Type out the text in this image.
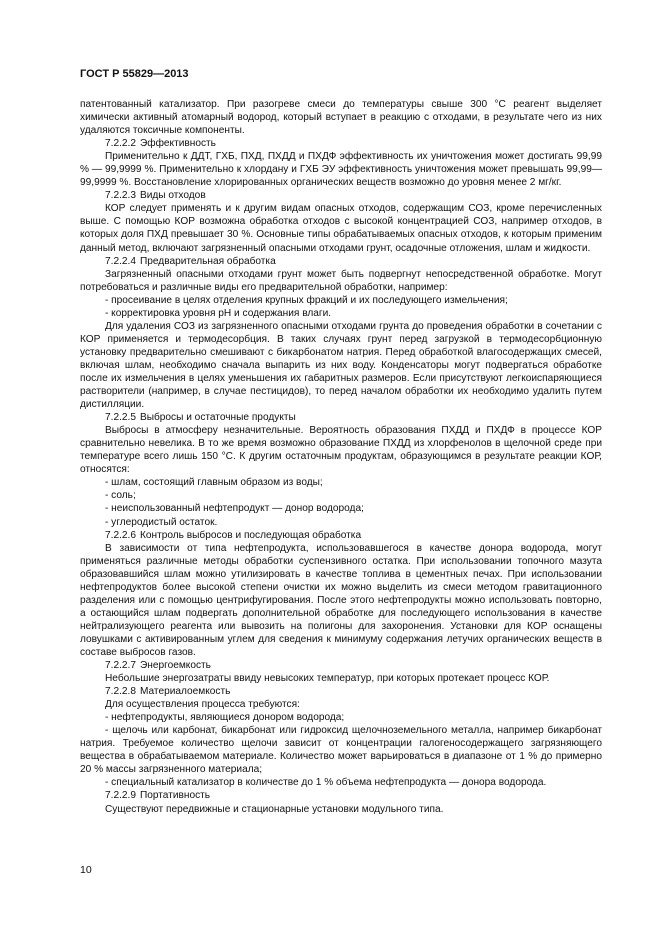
ГОСТ Р 55829—2013

патентованный катализатор. При разогреве смеси до температуры свыше 300 °С реагент выделяет химически активный атомарный водород, который вступает в реакцию с отходами, в результате чего из них удаляются токсичные компоненты.

7.2.2.2 Эффективность

Применительно к ДДТ, ГХБ, ПХД, ПХДД и ПХДФ эффективность их уничтожения может достигать 99,99 % — 99,9999 %. Применительно к хлордану и ГХБ ЭУ эффективность уничтожения может превышать 99,99—99,9999 %. Восстановление хлорированных органических веществ возможно до уровня менее 2 мг/кг.

7.2.2.3 Виды отходов

КОР следует применять и к другим видам опасных отходов, содержащим СОЗ, кроме перечисленных выше. С помощью КОР возможна обработка отходов с высокой концентрацией СОЗ, например отходов, в которых доля ПХД превышает 30 %. Основные типы обрабатываемых опасных отходов, к которым применим данный метод, включают загрязненный опасными отходами грунт, осадочные отложения, шлам и жидкости.

7.2.2.4 Предварительная обработка

Загрязненный опасными отходами грунт может быть подвергнут непосредственной обработке. Могут потребоваться и различные виды его предварительной обработки, например:

- просеивание в целях отделения крупных фракций и их последующего измельчения;

- корректировка уровня рН и содержания влаги.

Для удаления СОЗ из загрязненного опасными отходами грунта до проведения обработки в сочетании с КОР применяется и термодесорбция. В таких случаях грунт перед загрузкой в термодесорбционную установку предварительно смешивают с бикарбонатом натрия. Перед обработкой влагосодержащих смесей, включая шлам, необходимо сначала выпарить из них воду. Конденсаторы могут подвергаться обработке после их измельчения в целях уменьшения их габаритных размеров. Если присутствуют легкоиспаряющиеся растворители (например, в случае пестицидов), то перед началом обработки их необходимо удалить путем дистилляции.

7.2.2.5 Выбросы и остаточные продукты

Выбросы в атмосферу незначительные. Вероятность образования ПХДД и ПХДФ в процессе КОР сравнительно невелика. В то же время возможно образование ПХДД из хлорфенолов в щелочной среде при температуре всего лишь 150 °С. К другим остаточным продуктам, образующимся в результате реакции КОР, относятся:

- шлам, состоящий главным образом из воды;

- соль;

- неиспользованный нефтепродукт — донор водорода;

- углеродистый остаток.

7.2.2.6 Контроль выбросов и последующая обработка

В зависимости от типа нефтепродукта, использовавшегося в качестве донора водорода, могут применяться различные методы обработки суспензивного остатка. При использовании топочного мазута образовавшийся шлам можно утилизировать в качестве топлива в цементных печах. При использовании нефтепродуктов более высокой степени очистки их можно выделить из смеси методом гравитационного разделения или с помощью центрифугирования. После этого нефтепродукты можно использовать повторно, а остающийся шлам подвергать дополнительной обработке для последующего использования в качестве нейтрализующего реагента или вывозить на полигоны для захоронения. Установки для КОР оснащены ловушками с активированным углем для сведения к минимуму содержания летучих органических веществ в составе выбросов газов.

7.2.2.7 Энергоемкость

Небольшие энергозатраты ввиду невысоких температур, при которых протекает процесс КОР.

7.2.2.8 Материалоемкость

Для осуществления процесса требуются:

- нефтепродукты, являющиеся донором водорода;

- щелочь или карбонат, бикарбонат или гидроксид щелочноземельного металла, например бикарбонат натрия. Требуемое количество щелочи зависит от концентрации галогеносодержащего загрязняющего вещества в обрабатываемом материале. Количество может варьироваться в диапазоне от 1 % до примерно 20 % массы загрязненного материала;

- специальный катализатор в количестве до 1 % объема нефтепродукта — донора водорода.

7.2.2.9 Портативность

Существуют передвижные и стационарные установки модульного типа.

10
